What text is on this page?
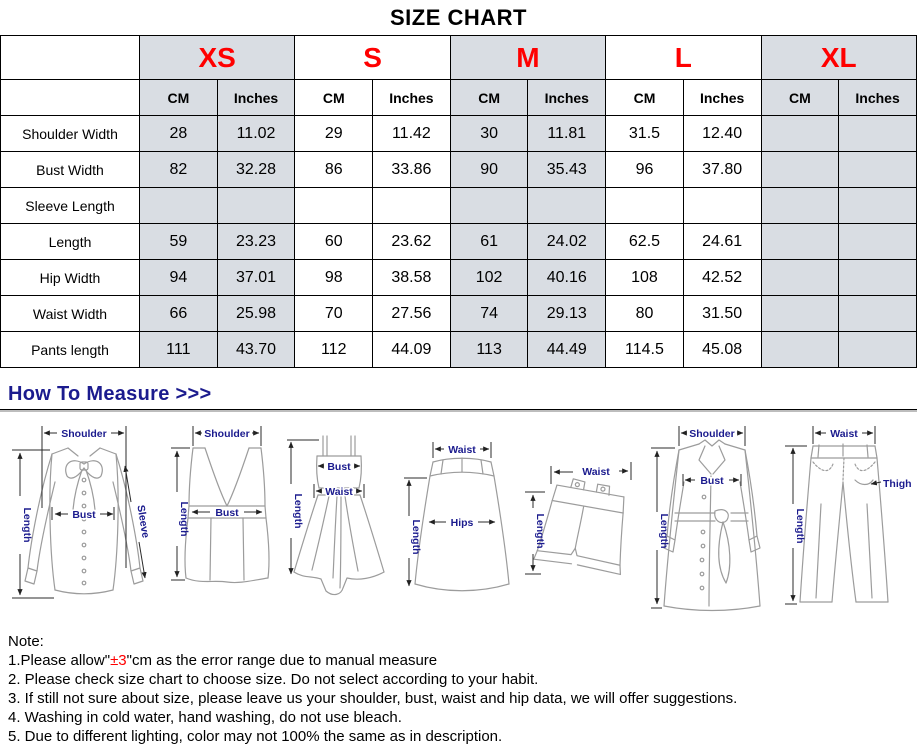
SIZE CHART
	XS		S		M		L		XL	
	CM	Inches	CM	Inches	CM	Inches	CM	Inches	CM	Inches
Shoulder Width	28	11.02	29	11.42	30	11.81	31.5	12.40		
Bust Width	82	32.28	86	33.86	90	35.43	96	37.80		
Sleeve Length										
Length	59	23.23	60	23.62	61	24.02	62.5	24.61		
Hip Width	94	37.01	98	38.58	102	40.16	108	42.52		
Waist Width	66	25.98	70	27.56	74	29.13	80	31.50		
Pants length	111	43.70	112	44.09	113	44.49	114.5	45.08		
How To Measure >>>
Shoulder
Length	Bust	Sleeve
Shoulder
Length Bust
Bust
Waist
Length
Waist
Hips
Length
Waist
Length
Shoulder
Bust
Length
Waist
Thigh
Length
Note:
1.Please allow"±3"cm as the error range due to manual measure
2. Please check size chart to choose size. Do not select according to your habit.
3. If still not sure about size, please leave us your shoulder, bust, waist and hip data, we will offer suggestions.
4. Washing in cold water, hand washing, do not use bleach.
5. Due to different lighting, color may not 100% the same as in description.
